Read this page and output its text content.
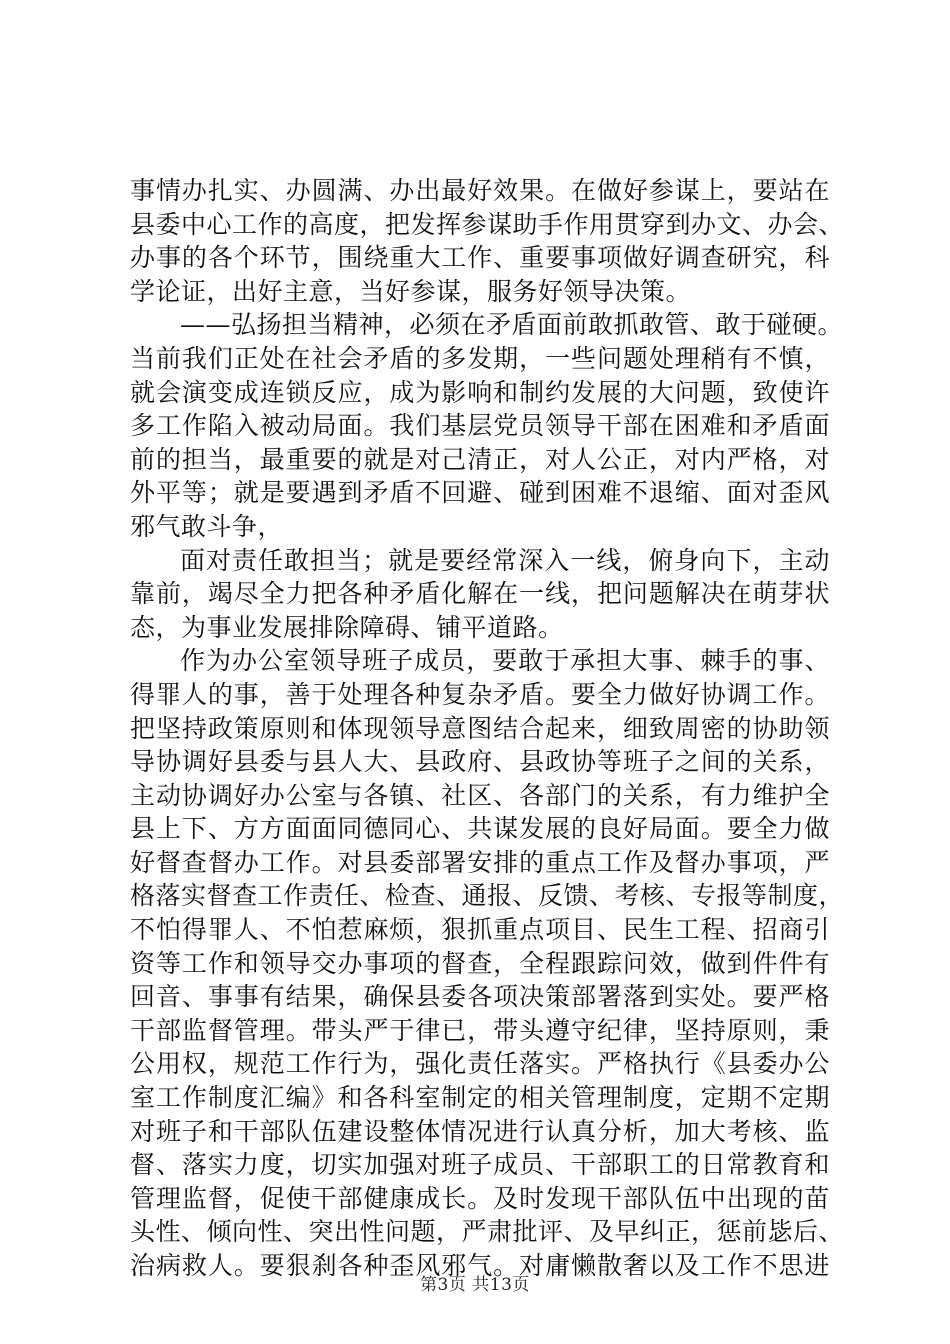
事情办扎实、办圆满、办出最好效果。在做好参谋上，要站在
县委中心工作的高度，把发挥参谋助手作用贯穿到办文、办会、
办事的各个环节，围绕重大工作、重要事项做好调查研究，科
学论证，出好主意，当好参谋，服务好领导决策。
——弘扬担当精神，必须在矛盾面前敢抓敢管、敢于碰硬。
当前我们正处在社会矛盾的多发期，一些问题处理稍有不慎，
就会演变成连锁反应，成为影响和制约发展的大问题，致使许
多工作陷入被动局面。我们基层党员领导干部在困难和矛盾面
前的担当，最重要的就是对己清正，对人公正，对内严格，对
外平等；就是要遇到矛盾不回避、碰到困难不退缩、面对歪风
邪气敢斗争，
面对责任敢担当；就是要经常深入一线，俯身向下，主动
靠前，竭尽全力把各种矛盾化解在一线，把问题解决在萌芽状
态，为事业发展排除障碍、铺平道路。
作为办公室领导班子成员，要敢于承担大事、棘手的事、
得罪人的事，善于处理各种复杂矛盾。要全力做好协调工作。
把坚持政策原则和体现领导意图结合起来，细致周密的协助领
导协调好县委与县人大、县政府、县政协等班子之间的关系，
主动协调好办公室与各镇、社区、各部门的关系，有力维护全
县上下、方方面面同德同心、共谋发展的良好局面。要全力做
好督查督办工作。对县委部署安排的重点工作及督办事项，严
格落实督查工作责任、检查、通报、反馈、考核、专报等制度，
不怕得罪人、不怕惹麻烦，狠抓重点项目、民生工程、招商引
资等工作和领导交办事项的督查，全程跟踪问效，做到件件有
回音、事事有结果，确保县委各项决策部署落到实处。要严格
干部监督管理。带头严于律已，带头遵守纪律，坚持原则，秉
公用权，规范工作行为，强化责任落实。严格执行《县委办公
室工作制度汇编》和各科室制定的相关管理制度，定期不定期
对班子和干部队伍建设整体情况进行认真分析，加大考核、监
督、落实力度，切实加强对班子成员、干部职工的日常教育和
管理监督，促使干部健康成长。及时发现干部队伍中出现的苗
头性、倾向性、突出性问题，严肃批评、及早纠正，惩前毖后、
治病救人。要狠刹各种歪风邪气。对庸懒散奢以及工作不思进
第3页 共13页
